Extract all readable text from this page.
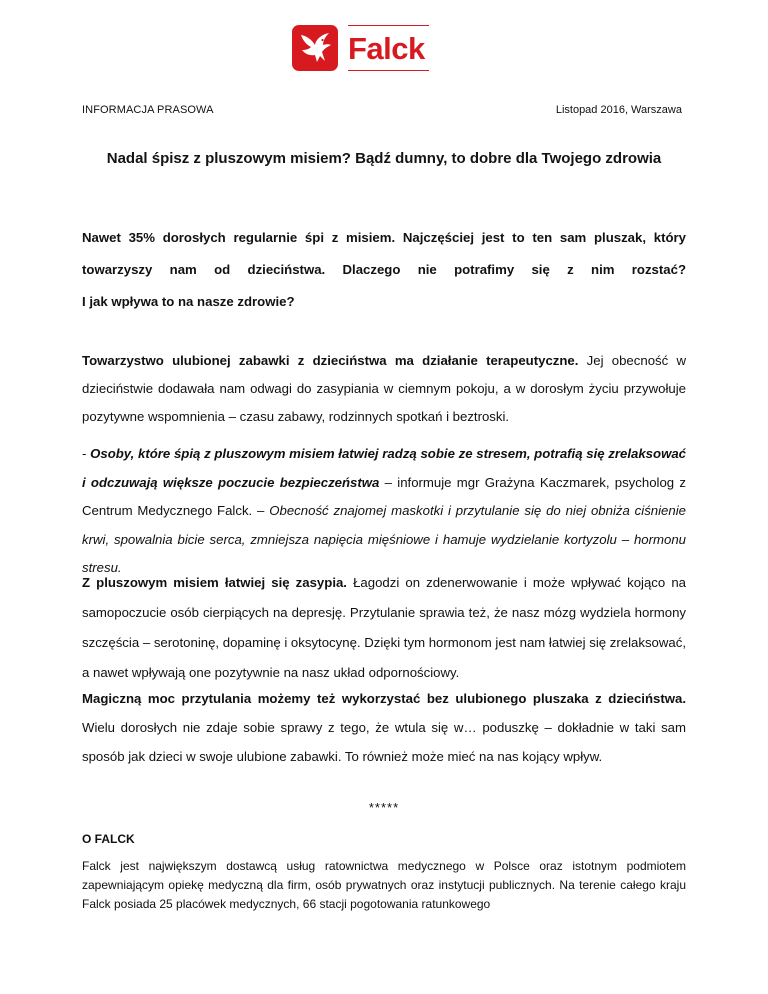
Falck
INFORMACJA PRASOWA	Listopad 2016, Warszawa
Nadal śpisz z pluszowym misiem? Bądź dumny, to dobre dla Twojego zdrowia
Nawet 35% dorosłych regularnie śpi z misiem. Najczęściej jest to ten sam pluszak, który
towarzyszy nam od dzieciństwa. Dlaczego nie potrafimy się z nim rozstać?
I jak wpływa to na nasze zdrowie?
Towarzystwo ulubionej zabawki z dzieciństwa ma działanie terapeutyczne. Jej obecność w dzieciństwie dodawała nam odwagi do zasypiania w ciemnym pokoju, a w dorosłym życiu przywołuje pozytywne wspomnienia – czasu zabawy, rodzinnych spotkań i beztroski.
- Osoby, które śpią z pluszowym misiem łatwiej radzą sobie ze stresem, potrafią się zrelaksować i odczuwają większe poczucie bezpieczeństwa – informuje mgr Grażyna Kaczmarek, psycholog z Centrum Medycznego Falck. – Obecność znajomej maskotki i przytulanie się do niej obniża ciśnienie krwi, spowalnia bicie serca, zmniejsza napięcia mięśniowe i hamuje wydzielanie kortyzolu – hormonu stresu.
Z pluszowym misiem łatwiej się zasypia. Łagodzi on zdenerwowanie i może wpływać kojąco na samopoczucie osób cierpiących na depresję. Przytulanie sprawia też, że nasz mózg wydziela hormony szczęścia – serotoninę, dopaminę i oksytocynę. Dzięki tym hormonom jest nam łatwiej się zrelaksować, a nawet wpływają one pozytywnie na nasz układ odpornościowy.
Magiczną moc przytulania możemy też wykorzystać bez ulubionego pluszaka z dzieciństwa. Wielu dorosłych nie zdaje sobie sprawy z tego, że wtula się w… poduszkę – dokładnie w taki sam sposób jak dzieci w swoje ulubione zabawki. To również może mieć na nas kojący wpływ.
*****
O FALCK
Falck jest największym dostawcą usług ratownictwa medycznego w Polsce oraz istotnym podmiotem zapewniającym opiekę medyczną dla firm, osób prywatnych oraz instytucji publicznych. Na terenie całego kraju Falck posiada 25 placówek medycznych, 66 stacji pogotowania ratunkowego
